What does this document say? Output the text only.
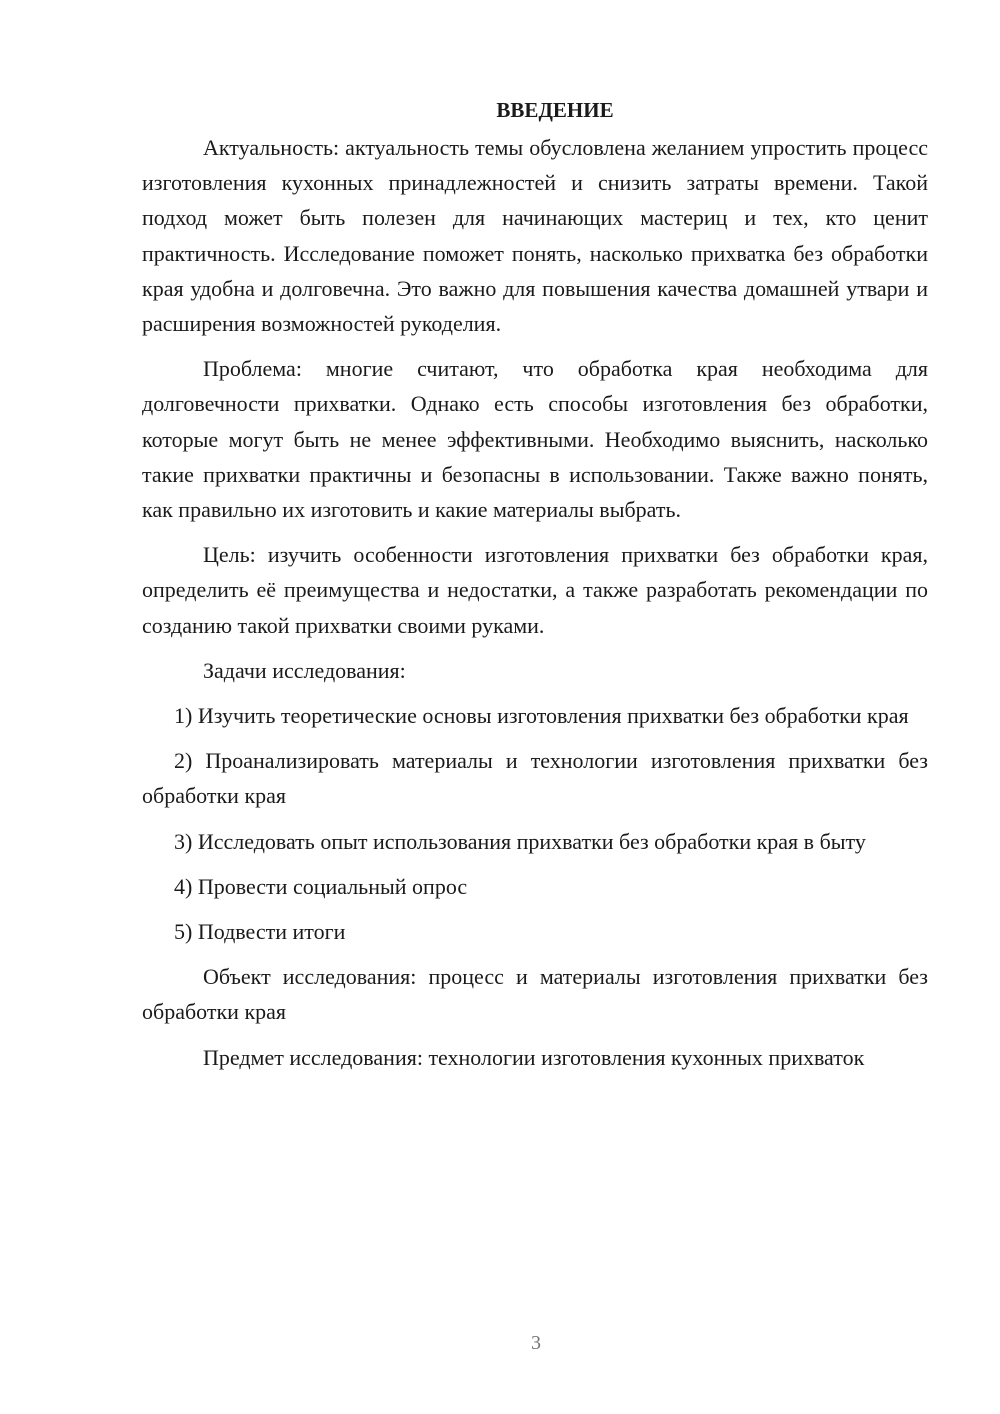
ВВЕДЕНИЕ

Актуальность: актуальность темы обусловлена желанием упростить процесс изготовления кухонных принадлежностей и снизить затраты времени. Такой подход может быть полезен для начинающих мастериц и тех, кто ценит практичность. Исследование поможет понять, насколько прихватка без обработки края удобна и долговечна. Это важно для повышения качества домашней утвари и расширения возможностей рукоделия.

Проблема: многие считают, что обработка края необходима для долговечности прихватки. Однако есть способы изготовления без обработки, которые могут быть не менее эффективными. Необходимо выяснить, насколько такие прихватки практичны и безопасны в использовании. Также важно понять, как правильно их изготовить и какие материалы выбрать.

Цель: изучить особенности изготовления прихватки без обработки края, определить её преимущества и недостатки, а также разработать рекомендации по созданию такой прихватки своими руками.

Задачи исследования:

1) Изучить теоретические основы изготовления прихватки без обработки края

2) Проанализировать материалы и технологии изготовления прихватки без обработки края

3) Исследовать опыт использования прихватки без обработки края в быту

4) Провести социальный опрос

5) Подвести итоги

Объект исследования: процесс и материалы изготовления прихватки без обработки края

Предмет исследования: технологии изготовления кухонных прихваток

3
